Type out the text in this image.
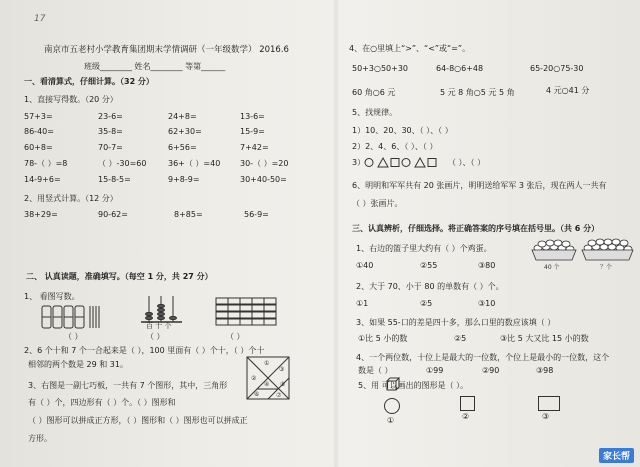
17
南京市五老村小学教育集团期末学情调研（一年级数学） 2016.6
班级________ 姓名________ 等第______
一、看清算式，仔细计算。（32 分）
1、直接写得数。（20 分）
57+3=	23-6=	24+8=	13-6=
86-40=	35-8=	62+30=	15-9=
60+8=	70-7=	6+56=	7+42=
78-（ ）=8	（ ）-30=60	36+（ ）=40 30-（ ）=20
14-9+6=	15-8-5=	9+8-9=	30+40-50=
2、用竖式计算。（12 分）
38+29=	90-62=	8+85=	56-9=
二、 认真读题，准确填写。（每空 1 分，共 27 分）
1、 看图写数。
（ ）
百 十 个
（ ）	（ ）
2、6 个十和 7 个一合起来是（ ），100 里面有（ ）个十，（ ）个十
相邻的两个数是 29 和 31。
3、右图是一副七巧板，一共有 7 个图形，其中，三角形
有（ ）个，四边形有（ ）个。（ ）图形和
（ ）图形可以拼成正方形，（ ）图形和（ ）图形也可以拼成正
方形。
①
②
③
④ ⑤
⑥	⑦
4、在○里填上“>”、“<”或“=”。
50+3○50+30	64-8○6+48	65-20○75-30
60 角○6 元	5 元 8 角○5 元 5 角	4 元○41 分
5、找规律。
1）10、20、30、（ ）、（ ）
2）2、4、6、（ ）、（ ）
3）	（ ）、（ ）
6、明明和军军共有 20 张画片，明明送给军军 3 张后，现在两人一共有
（ ）张画片。
三、认真辨析，仔细选择。将正确答案的序号填在括号里。（共 6 分）
1、右边的篮子里大约有（ ）个鸡蛋。
①40	②55	③80	40 个	？个
2、大于 70、小于 80 的单数有（ ）个。
①1	②5	③10
3、如果 55-口的差是四十多，那么口里的数应该填（ ）
①比 5 小的数	②5	③比 5 大又比 15 小的数
4、一个两位数，十位上是最大的一位数，个位上是最小的一位数，这个
数是（ ）	①99	②90	③98
5、用 可以画出的图形是（ ）。
①	②	③
家长帮
